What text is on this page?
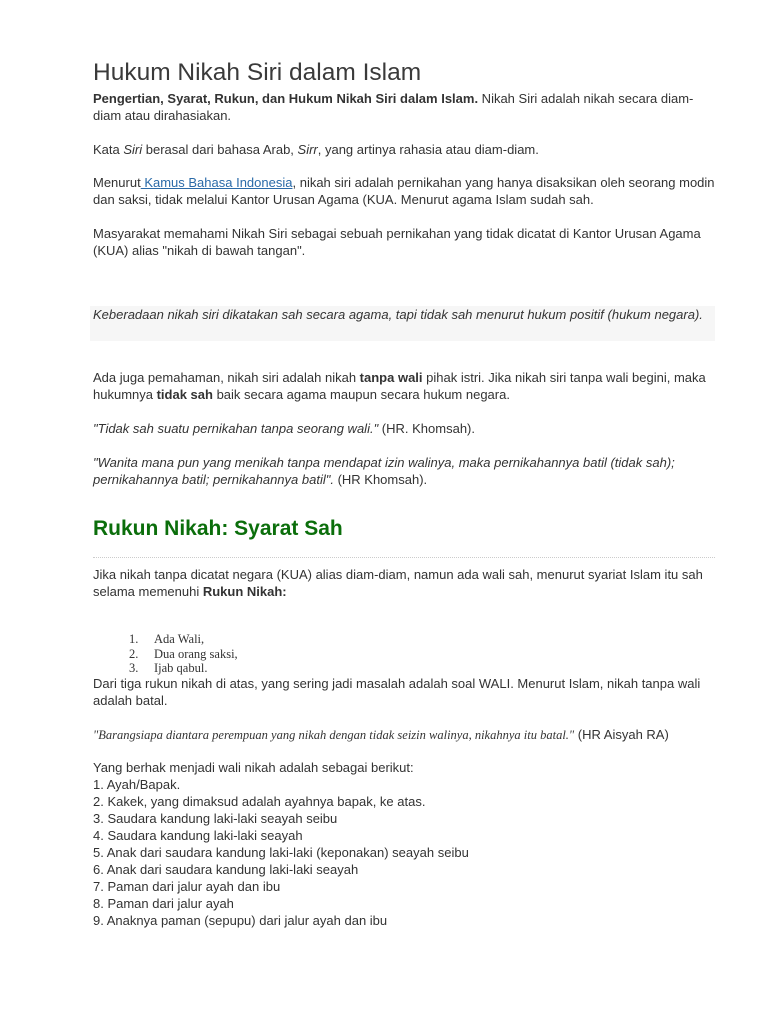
Hukum Nikah Siri dalam Islam

Pengertian, Syarat, Rukun, dan Hukum Nikah Siri dalam Islam. Nikah Siri adalah nikah secara diam-diam atau dirahasiakan.

Kata Siri berasal dari bahasa Arab, Sirr, yang artinya rahasia atau diam-diam.

Menurut Kamus Bahasa Indonesia, nikah siri adalah pernikahan yang hanya disaksikan oleh seorang modin dan saksi, tidak melalui Kantor Urusan Agama (KUA. Menurut agama Islam sudah sah.

Masyarakat memahami Nikah Siri sebagai sebuah pernikahan yang tidak dicatat di Kantor Urusan Agama (KUA) alias "nikah di bawah tangan".

Keberadaan nikah siri dikatakan sah secara agama, tapi tidak sah menurut hukum positif (hukum negara).

Ada juga pemahaman, nikah siri adalah nikah tanpa wali pihak istri. Jika nikah siri tanpa wali begini, maka hukumnya tidak sah baik secara agama maupun secara hukum negara.

"Tidak sah suatu pernikahan tanpa seorang wali." (HR. Khomsah).

"Wanita mana pun yang menikah tanpa mendapat izin walinya, maka pernikahannya batil (tidak sah); pernikahannya batil; pernikahannya batil". (HR Khomsah).

Rukun Nikah: Syarat Sah

Jika nikah tanpa dicatat negara (KUA) alias diam-diam, namun ada wali sah, menurut syariat Islam itu sah selama memenuhi Rukun Nikah:

1. Ada Wali,
2. Dua orang saksi,
3. Ijab qabul.

Dari tiga rukun nikah di atas, yang sering jadi masalah adalah soal WALI. Menurut Islam, nikah tanpa wali adalah batal.

"Barangsiapa diantara perempuan yang nikah dengan tidak seizin walinya, nikahnya itu batal." (HR Aisyah RA)

Yang berhak menjadi wali nikah adalah sebagai berikut:

1. Ayah/Bapak.
2. Kakek, yang dimaksud adalah ayahnya bapak, ke atas.
3. Saudara kandung laki-laki seayah seibu
4. Saudara kandung laki-laki seayah
5. Anak dari saudara kandung laki-laki (keponakan) seayah seibu
6. Anak dari saudara kandung laki-laki seayah
7. Paman dari jalur ayah dan ibu
8. Paman dari jalur ayah
9. Anaknya paman (sepupu) dari jalur ayah dan ibu
